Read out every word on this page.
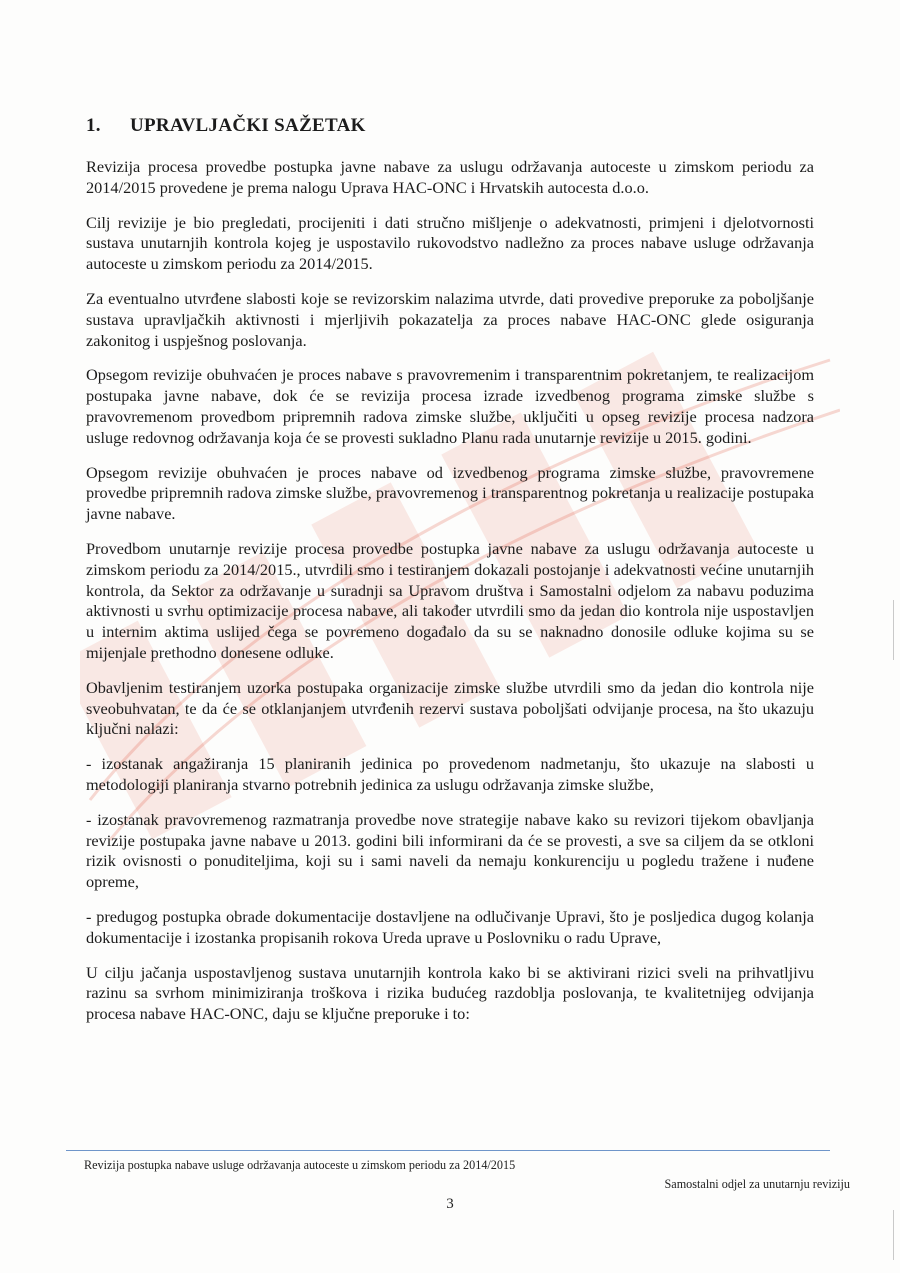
1.	UPRAVLJAČKI SAŽETAK

Revizija procesa provedbe postupka javne nabave za uslugu održavanja autoceste u zimskom periodu za 2014/2015 provedene je prema nalogu Uprava HAC-ONC i Hrvatskih autocesta d.o.o.

Cilj revizije je bio pregledati, procijeniti i dati stručno mišljenje o adekvatnosti, primjeni i djelotvornosti sustava unutarnjih kontrola kojeg je uspostavilo rukovodstvo nadležno za proces nabave usluge održavanja autoceste u zimskom periodu za 2014/2015.

Za eventualno utvrđene slabosti koje se revizorskim nalazima utvrde, dati provedive preporuke za poboljšanje sustava upravljačkih aktivnosti i mjerljivih pokazatelja za proces nabave HAC-ONC glede osiguranja zakonitog i uspješnog poslovanja.

Opsegom revizije obuhvaćen je proces nabave s pravovremenim i transparentnim pokretanjem, te realizacijom postupaka javne nabave, dok će se revizija procesa izrade izvedbenog programa zimske službe s pravovremenom provedbom pripremnih radova zimske službe, uključiti u opseg revizije procesa nadzora usluge redovnog održavanja koja će se provesti sukladno Planu rada unutarnje revizije u 2015. godini.

Opsegom revizije obuhvaćen je proces nabave od izvedbenog programa zimske službe, pravovremene provedbe pripremnih radova zimske službe, pravovremenog i transparentnog pokretanja u realizacije postupaka javne nabave.

Provedbom unutarnje revizije procesa provedbe postupka javne nabave za uslugu održavanja autoceste u zimskom periodu za 2014/2015., utvrdili smo i testiranjem dokazali postojanje i adekvatnosti većine unutarnjih kontrola, da Sektor za održavanje u suradnji sa Upravom društva i Samostalni odjelom za nabavu poduzima aktivnosti u svrhu optimizacije procesa nabave, ali također utvrdili smo da jedan dio kontrola nije uspostavljen u internim aktima uslijed čega se povremeno događalo da su se naknadno donosile odluke kojima su se mijenjale prethodno donesene odluke.

Obavljenim testiranjem uzorka postupaka organizacije zimske službe utvrdili smo da jedan dio kontrola nije sveobuhvatan, te da će se otklanjanjem utvrđenih rezervi sustava poboljšati odvijanje procesa, na što ukazuju ključni nalazi:

- izostanak angažiranja 15 planiranih jedinica po provedenom nadmetanju, što ukazuje na slabosti u metodologiji planiranja stvarno potrebnih jedinica za uslugu održavanja zimske službe,

- izostanak pravovremenog razmatranja provedbe nove strategije nabave kako su revizori tijekom obavljanja revizije postupaka javne nabave u 2013. godini bili informirani da će se provesti, a sve sa ciljem da se otkloni rizik ovisnosti o ponuditeljima, koji su i sami naveli da nemaju konkurenciju u pogledu tražene i nuđene opreme,

- predugog postupka obrade dokumentacije dostavljene na odlučivanje Upravi, što je posljedica dugog kolanja dokumentacije i izostanka propisanih rokova Ureda uprave u Poslovniku o radu Uprave,

U cilju jačanja uspostavljenog sustava unutarnjih kontrola kako bi se aktivirani rizici sveli na prihvatljivu razinu sa svrhom minimiziranja troškova i rizika budućeg razdoblja poslovanja, te kvalitetnijeg odvijanja procesa nabave HAC-ONC, daju se ključne preporuke i to:

Revizija postupka nabave usluge održavanja autoceste u zimskom periodu za 2014/2015
Samostalni odjel za unutarnju reviziju
3
